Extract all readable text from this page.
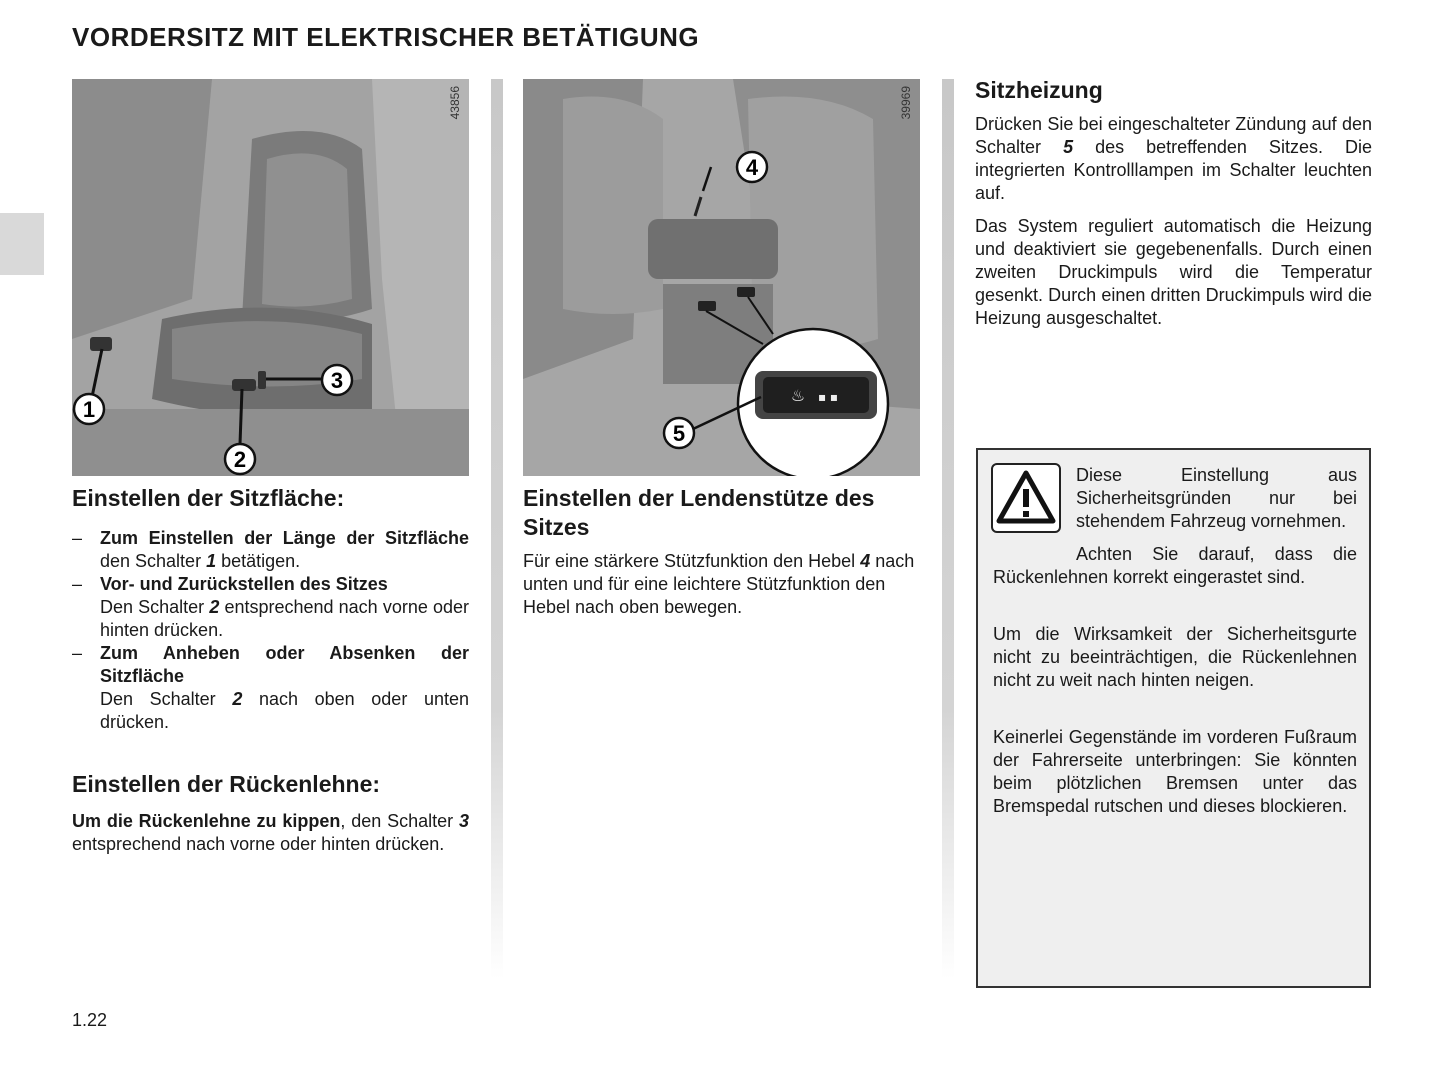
VORDERSITZ MIT ELEKTRISCHER BETÄTIGUNG
1
2
3
43856
♨ ▪ ▪
4
5
39969
Einstellen der Sitzfläche:
– Zum Einstellen der Länge der Sitzfläche den Schalter 1 betätigen.
– Vor- und Zurückstellen des Sitzes
Den Schalter 2 entsprechend nach vorne oder hinten drücken.
– Zum Anheben oder Absenken der Sitzfläche
Den Schalter 2 nach oben oder unten drücken.
Einstellen der Rückenlehne:

Um die Rückenlehne zu kippen, den Schalter 3 entsprechend nach vorne oder hinten drücken.

Einstellen der Lendenstütze des Sitzes

Für eine stärkere Stützfunktion den Hebel 4 nach unten und für eine leichtere Stützfunktion den Hebel nach oben bewegen.

Sitzheizung

Drücken Sie bei eingeschalteter Zündung auf den Schalter 5 des betreffenden Sitzes. Die integrierten Kontrolllampen im Schalter leuchten auf.

Das System reguliert automatisch die Heizung und deaktiviert sie gegebenenfalls. Durch einen zweiten Druckimpuls wird die Temperatur gesenkt. Durch einen dritten Druckimpuls wird die Heizung ausgeschaltet.

Diese Einstellung aus Sicherheitsgründen nur bei stehendem Fahrzeug vornehmen.

Achten Sie darauf, dass die Rückenlehnen korrekt eingerastet sind.

Um die Wirksamkeit der Sicherheitsgurte nicht zu beeinträchtigen, die Rückenlehnen nicht zu weit nach hinten neigen.

Keinerlei Gegenstände im vorderen Fußraum der Fahrerseite unterbringen: Sie könnten beim plötzlichen Bremsen unter das Bremspedal rutschen und dieses blockieren.

1.22
